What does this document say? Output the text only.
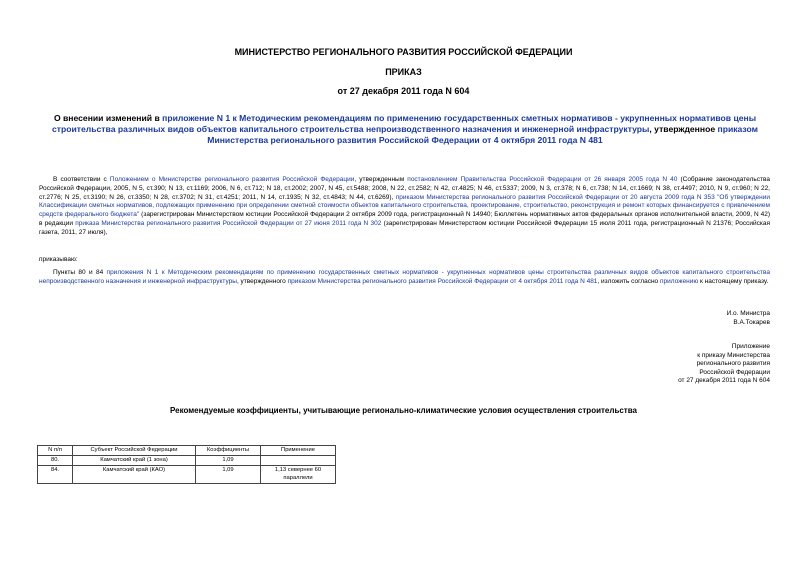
МИНИСТЕРСТВО РЕГИОНАЛЬНОГО РАЗВИТИЯ РОССИЙСКОЙ ФЕДЕРАЦИИ
ПРИКАЗ
от 27 декабря 2011 года N 604
О внесении изменений в приложение N 1 к Методическим рекомендациям по применению государственных сметных нормативов - укрупненных нормативов цены строительства различных видов объектов капитального строительства непроизводственного назначения и инженерной инфраструктуры, утвержденное приказом Министерства регионального развития Российской Федерации от 4 октября 2011 года N 481
В соответствии с Положением о Министерстве регионального развития Российской Федерации, утвержденным постановлением Правительства Российской Федерации от 26 января 2005 года N 40 (Собрание законодательства Российской Федерации, 2005, N 5, ст.390; N 13, ст.1169; 2006, N 6, ст.712; N 18, ст.2002; 2007, N 45, ст.5488; 2008, N 22, ст.2582; N 42, ст.4825; N 46, ст.5337; 2009, N 3, ст.378; N 6, ст.738; N 14, ст.1669; N 38, ст.4497; 2010, N 9, ст.960; N 22, ст.2776; N 25, ст.3190; N 26, ст.3350; N 28, ст.3702; N 31, ст.4251; 2011, N 14, ст.1935; N 32, ст.4843; N 44, ст.6269), приказом Министерства регионального развития Российской Федерации от 20 августа 2009 года N 353 "Об утверждении Классификации сметных нормативов, подлежащих применению при определении сметной стоимости объектов капитального строительства, проектирование, строительство, реконструкция и ремонт которых финансируется с привлечением средств федерального бюджета" (зарегистрирован Министерством юстиции Российской Федерации 2 октября 2009 года, регистрационный N 14940; Бюллетень нормативных актов федеральных органов исполнительной власти, 2009, N 42) в редакции приказа Министерства регионального развития Российской Федерации от 27 июня 2011 года N 302 (зарегистрирован Министерством юстиции Российской Федерации 15 июля 2011 года, регистрационный N 21376; Российская газета, 2011, 27 июля),
приказываю:
Пункты 80 и 84 приложения N 1 к Методическим рекомендациям по применению государственных сметных нормативов - укрупненных нормативов цены строительства различных видов объектов капитального строительства непроизводственного назначения и инженерной инфраструктуры, утвержденного приказом Министерства регионального развития Российской Федерации от 4 октября 2011 года N 481, изложить согласно приложению к настоящему приказу.
И.о. Министра
В.А.Токарев
Приложение
к приказу Министерства
регионального развития
Российской Федерации
от 27 декабря 2011 года N 604
Рекомендуемые коэффициенты, учитывающие регионально-климатические условия осуществления строительства
N п/п	Субъект Российской Федерации	Коэффициенты	Применение
80.	Камчатский край (1 зона)	1,09	
84.	Камчатский край (КАО)	1,09	1,13 севернее 60 параллели
